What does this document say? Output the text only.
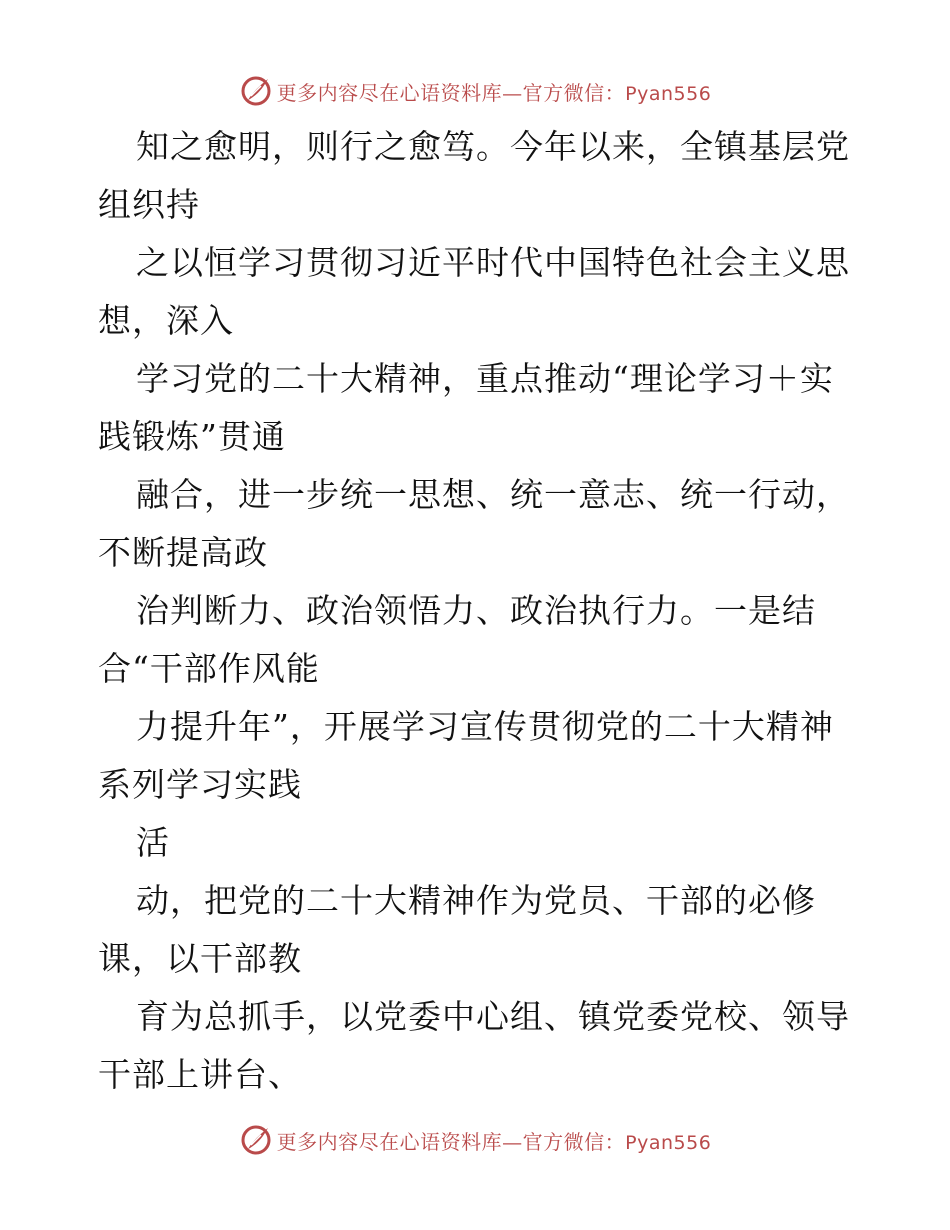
更多内容尽在心语资料库—官方微信：Pyan556
知之愈明，则行之愈笃。今年以来，全镇基层党
组织持
之以恒学习贯彻习近平时代中国特色社会主义思
想，深入
学习党的二十大精神，重点推动“理论学习＋实
践锻炼”贯通
融合，进一步统一思想、统一意志、统一行动，
不断提高政
治判断力、政治领悟力、政治执行力。一是结
合“干部作风能
力提升年”，开展学习宣传贯彻党的二十大精神
系列学习实践
活
动，把党的二十大精神作为党员、干部的必修
课，以干部教
育为总抓手，以党委中心组、镇党委党校、领导
干部上讲台、
更多内容尽在心语资料库—官方微信：Pyan556
